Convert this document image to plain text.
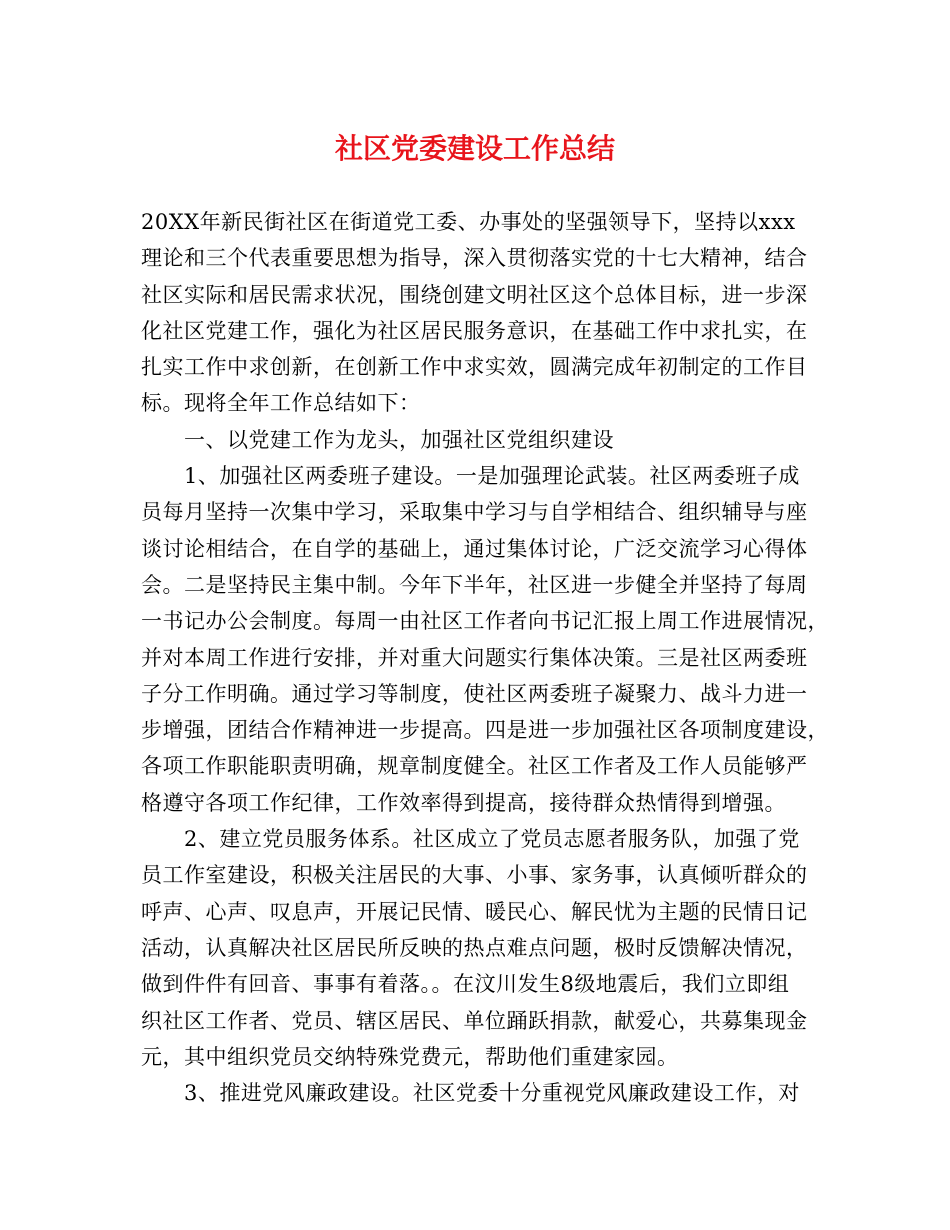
社区党委建设工作总结
20XX年新民街社区在街道党工委、办事处的坚强领导下，坚持以xxx
理论和三个代表重要思想为指导，深入贯彻落实党的十七大精神，结合
社区实际和居民需求状况，围绕创建文明社区这个总体目标，进一步深
化社区党建工作，强化为社区居民服务意识，在基础工作中求扎实，在
扎实工作中求创新，在创新工作中求实效，圆满完成年初制定的工作目
标。现将全年工作总结如下：
一、以党建工作为龙头，加强社区党组织建设
1、加强社区两委班子建设。一是加强理论武装。社区两委班子成
员每月坚持一次集中学习，采取集中学习与自学相结合、组织辅导与座
谈讨论相结合，在自学的基础上，通过集体讨论，广泛交流学习心得体
会。二是坚持民主集中制。今年下半年，社区进一步健全并坚持了每周
一书记办公会制度。每周一由社区工作者向书记汇报上周工作进展情况，
并对本周工作进行安排，并对重大问题实行集体决策。三是社区两委班
子分工作明确。通过学习等制度，使社区两委班子凝聚力、战斗力进一
步增强，团结合作精神进一步提高。四是进一步加强社区各项制度建设，
各项工作职能职责明确，规章制度健全。社区工作者及工作人员能够严
格遵守各项工作纪律，工作效率得到提高，接待群众热情得到增强。
2、建立党员服务体系。社区成立了党员志愿者服务队，加强了党
员工作室建设，积极关注居民的大事、小事、家务事，认真倾听群众的
呼声、心声、叹息声，开展记民情、暖民心、解民忧为主题的民情日记
活动，认真解决社区居民所反映的热点难点问题，极时反馈解决情况，
做到件件有回音、事事有着落。。在汶川发生8级地震后，我们立即组
织社区工作者、党员、辖区居民、单位踊跃捐款，献爱心，共募集现金
元，其中组织党员交纳特殊党费元，帮助他们重建家园。
3、推进党风廉政建设。社区党委十分重视党风廉政建设工作，对
